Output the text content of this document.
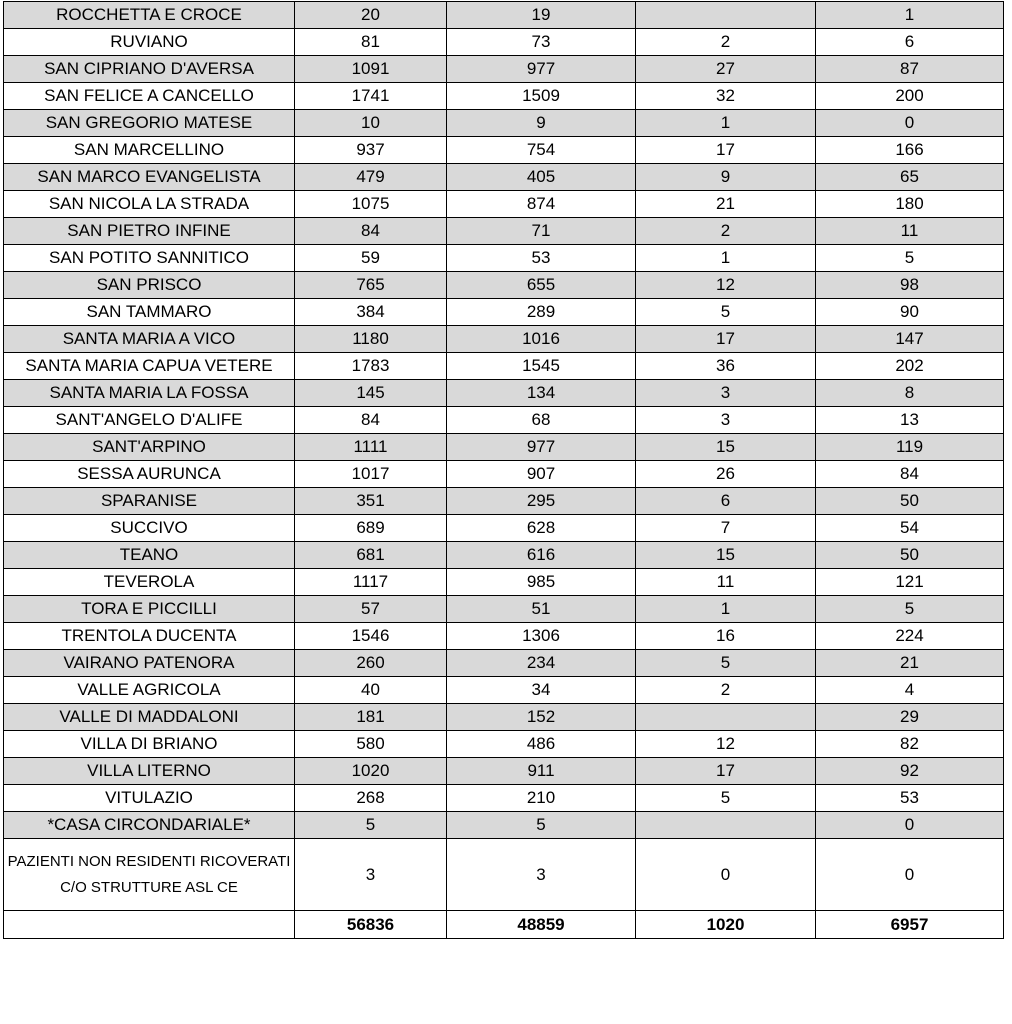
ROCCHETTA E CROCE	20	19		1
RUVIANO	81	73	2	6
SAN CIPRIANO D'AVERSA	1091	977	27	87
SAN FELICE A CANCELLO	1741	1509	32	200
SAN GREGORIO MATESE	10	9	1	0
SAN MARCELLINO	937	754	17	166
SAN MARCO EVANGELISTA	479	405	9	65
SAN NICOLA LA STRADA	1075	874	21	180
SAN PIETRO INFINE	84	71	2	11
SAN POTITO SANNITICO	59	53	1	5
SAN PRISCO	765	655	12	98
SAN TAMMARO	384	289	5	90
SANTA MARIA A VICO	1180	1016	17	147
SANTA MARIA CAPUA VETERE	1783	1545	36	202
SANTA MARIA LA FOSSA	145	134	3	8
SANT'ANGELO D'ALIFE	84	68	3	13
SANT'ARPINO	1111	977	15	119
SESSA AURUNCA	1017	907	26	84
SPARANISE	351	295	6	50
SUCCIVO	689	628	7	54
TEANO	681	616	15	50
TEVEROLA	1117	985	11	121
TORA E PICCILLI	57	51	1	5
TRENTOLA DUCENTA	1546	1306	16	224
VAIRANO PATENORA	260	234	5	21
VALLE AGRICOLA	40	34	2	4
VALLE DI MADDALONI	181	152		29
VILLA DI BRIANO	580	486	12	82
VILLA LITERNO	1020	911	17	92
VITULAZIO	268	210	5	53
*CASA CIRCONDARIALE*	5	5		0
PAZIENTI NON RESIDENTI RICOVERATI C/O STRUTTURE ASL CE	3	3	0	0
	56836	48859	1020	6957
